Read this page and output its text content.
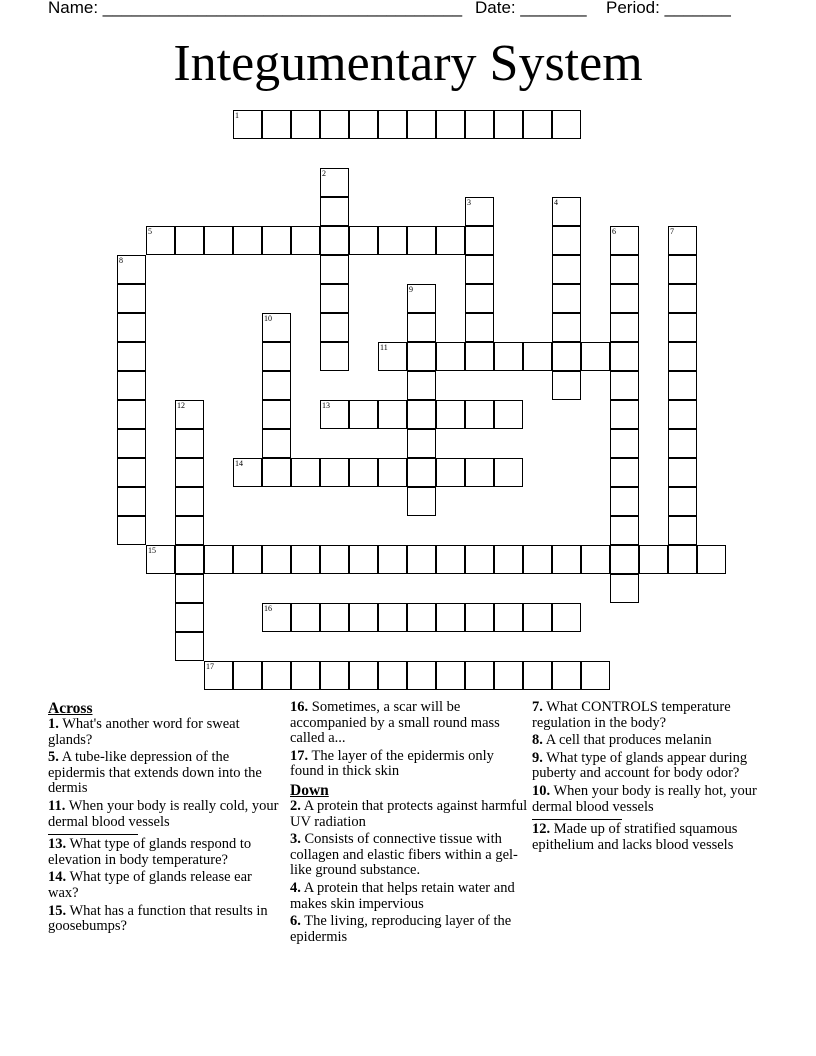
Name: ______________________________________ Date: _______ Period: _______
Integumentary System
1
5
11
13
14
15
16
17
2
3	4
6	7
8
9
10
12
Across
1. What's another word for sweat glands?
5. A tube-like depression of the epidermis that extends down into the dermis
11. When your body is really cold, your dermal blood vessels
13. What type of glands respond to elevation in body temperature?
14. What type of glands release ear wax?
15. What has a function that results in goosebumps?
16. Sometimes, a scar will be accompanied by a small round mass called a...
17. The layer of the epidermis only found in thick skin
Down
2. A protein that protects against harmful UV radiation
3. Consists of connective tissue with collagen and elastic fibers within a gel-like ground substance.
4. A protein that helps retain water and makes skin impervious
6. The living, reproducing layer of the epidermis
7. What CONTROLS temperature regulation in the body?
8. A cell that produces melanin
9. What type of glands appear during puberty and account for body odor?
10. When your body is really hot, your dermal blood vessels
12. Made up of stratified squamous epithelium and lacks blood vessels
